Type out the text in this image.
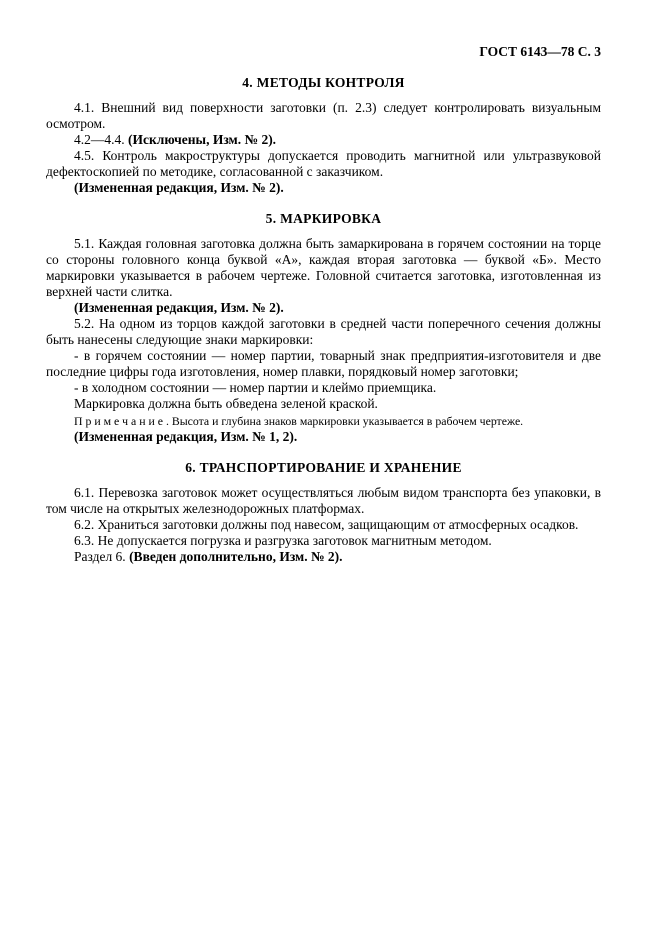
ГОСТ 6143—78 С. 3
4. МЕТОДЫ КОНТРОЛЯ

4.1. Внешний вид поверхности заготовки (п. 2.3) следует контролировать визуальным осмотром.

4.2—4.4. (Исключены, Изм. № 2).

4.5. Контроль макроструктуры допускается проводить магнитной или ультразвуковой дефектоскопией по методике, согласованной с заказчиком.

(Измененная редакция, Изм. № 2).

5. МАРКИРОВКА

5.1. Каждая головная заготовка должна быть замаркирована в горячем состоянии на торце со стороны головного конца буквой «А», каждая вторая заготовка — буквой «Б». Место маркировки указывается в рабочем чертеже. Головной считается заготовка, изготовленная из верхней части слитка.

(Измененная редакция, Изм. № 2).

5.2. На одном из торцов каждой заготовки в средней части поперечного сечения должны быть нанесены следующие знаки маркировки:

- в горячем состоянии — номер партии, товарный знак предприятия-изготовителя и две последние цифры года изготовления, номер плавки, порядковый номер заготовки;

- в холодном состоянии — номер партии и клеймо приемщика.

Маркировка должна быть обведена зеленой краской.

П р и м е ч а н и е . Высота и глубина знаков маркировки указывается в рабочем чертеже.

(Измененная редакция, Изм. № 1, 2).

6. ТРАНСПОРТИРОВАНИЕ И ХРАНЕНИЕ

6.1. Перевозка заготовок может осуществляться любым видом транспорта без упаковки, в том числе на открытых железнодорожных платформах.

6.2. Храниться заготовки должны под навесом, защищающим от атмосферных осадков.

6.3. Не допускается погрузка и разгрузка заготовок магнитным методом.

Раздел 6. (Введен дополнительно, Изм. № 2).
